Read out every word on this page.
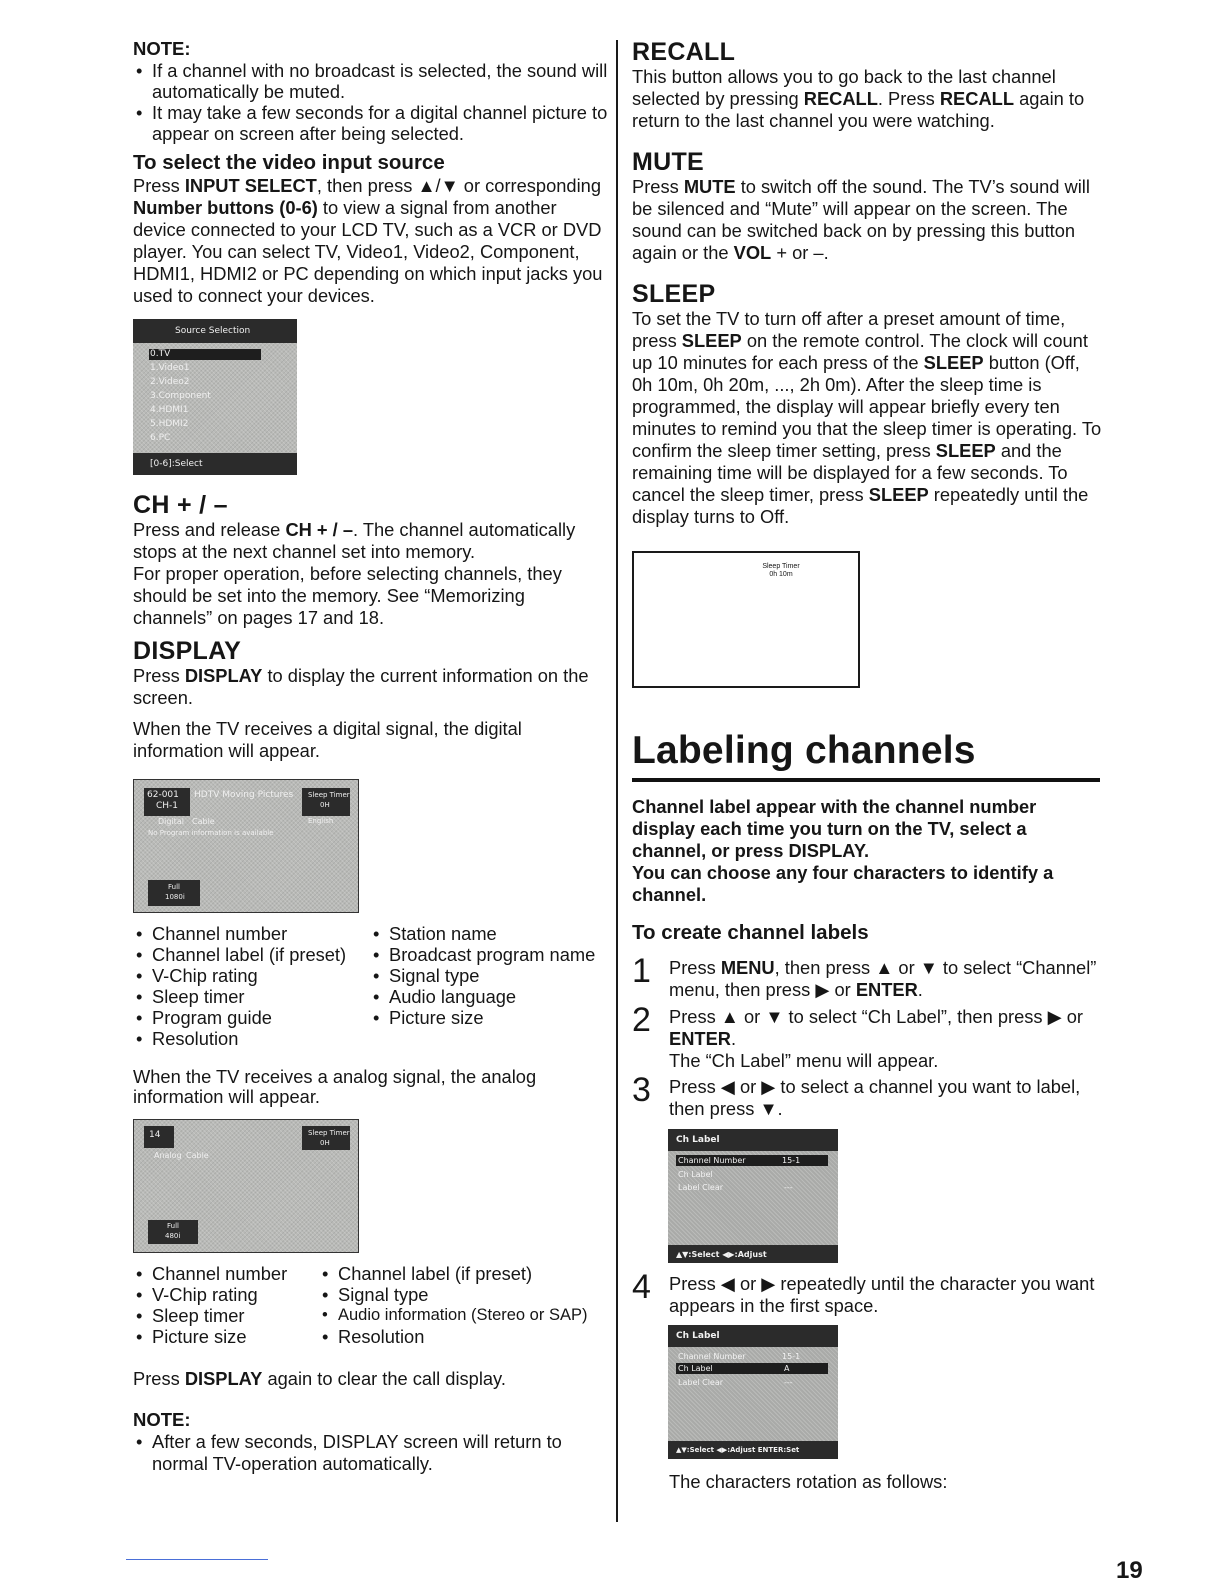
NOTE:
• If a channel with no broadcast is selected, the sound will automatically be muted.
• It may take a few seconds for a digital channel picture to appear on screen after being selected.
To select the video input source

Press INPUT SELECT, then press ▲/▼ or corresponding Number buttons (0-6) to view a signal from another device connected to your LCD TV, such as a VCR or DVD player. You can select TV, Video1, Video2, Component, HDMI1, HDMI2 or PC depending on which input jacks you used to connect your devices.

Source Selection
0.TV
1.Video1
2.Video2
3.Component
4.HDMI1
5.HDMI2
6.PC
[0-6]:Select
CH + / –

Press and release CH + / –. The channel automatically stops at the next channel set into memory.

For proper operation, before selecting channels, they should be set into the memory. See “Memorizing channels” on pages 17 and 18.

DISPLAY

Press DISPLAY to display the current information on the screen.

When the TV receives a digital signal, the digital information will appear.

62-001
CH-1
HDTV Moving Pictures Sleep Timer
0H
Digital Cable	English
No Program information is available
Full
1080i
• Channel number
• Channel label (if preset)
• V-Chip rating
• Sleep timer
• Program guide
• Resolution
• Station name
• Broadcast program name
• Signal type
• Audio language
• Picture size

When the TV receives a analog signal, the analog information will appear.

14	Sleep Timer
0H
Analog Cable
Full
480i
• Channel number
• V-Chip rating
• Sleep timer
• Picture size
• Channel label (if preset)
• Signal type
• Audio information (Stereo or SAP)
• Resolution

Press DISPLAY again to clear the call display.

NOTE:
• After a few seconds, DISPLAY screen will return to normal TV-operation automatically.
RECALL

This button allows you to go back to the last channel selected by pressing RECALL. Press RECALL again to return to the last channel you were watching.

MUTE

Press MUTE to switch off the sound. The TV’s sound will be silenced and “Mute” will appear on the screen. The sound can be switched back on by pressing this button again or the VOL + or –.

SLEEP

To set the TV to turn off after a preset amount of time, press SLEEP on the remote control. The clock will count up 10 minutes for each press of the SLEEP button (Off, 0h 10m, 0h 20m, ..., 2h 0m). After the sleep time is programmed, the display will appear briefly every ten minutes to remind you that the sleep timer is operating. To confirm the sleep timer setting, press SLEEP and the remaining time will be displayed for a few seconds. To cancel the sleep timer, press SLEEP repeatedly until the display turns to Off.

Sleep Timer
0h 10m
Labeling channels
Channel label appear with the channel number display each time you turn on the TV, select a channel, or press DISPLAY.
You can choose any four characters to identify a channel.
To create channel labels
1 Press MENU, then press ▲ or ▼ to select “Channel” menu, then press ▶ or ENTER.

2 Press ▲ or ▼ to select “Ch Label”, then press ▶ or ENTER.

The “Ch Label” menu will appear.

3 Press ◀ or ▶ to select a channel you want to label, then press ▼.

Ch Label
Channel Number	15-1
Ch Label
Label Clear	---
▲▼:Select ◀▶:Adjust
4 Press ◀ or ▶ repeatedly until the character you want appears in the first space.

Ch Label
Channel Number	15-1
Ch Label	A
Label Clear	---
▲▼:Select ◀▶:Adjust ENTER:Set

The characters rotation as follows:

19
